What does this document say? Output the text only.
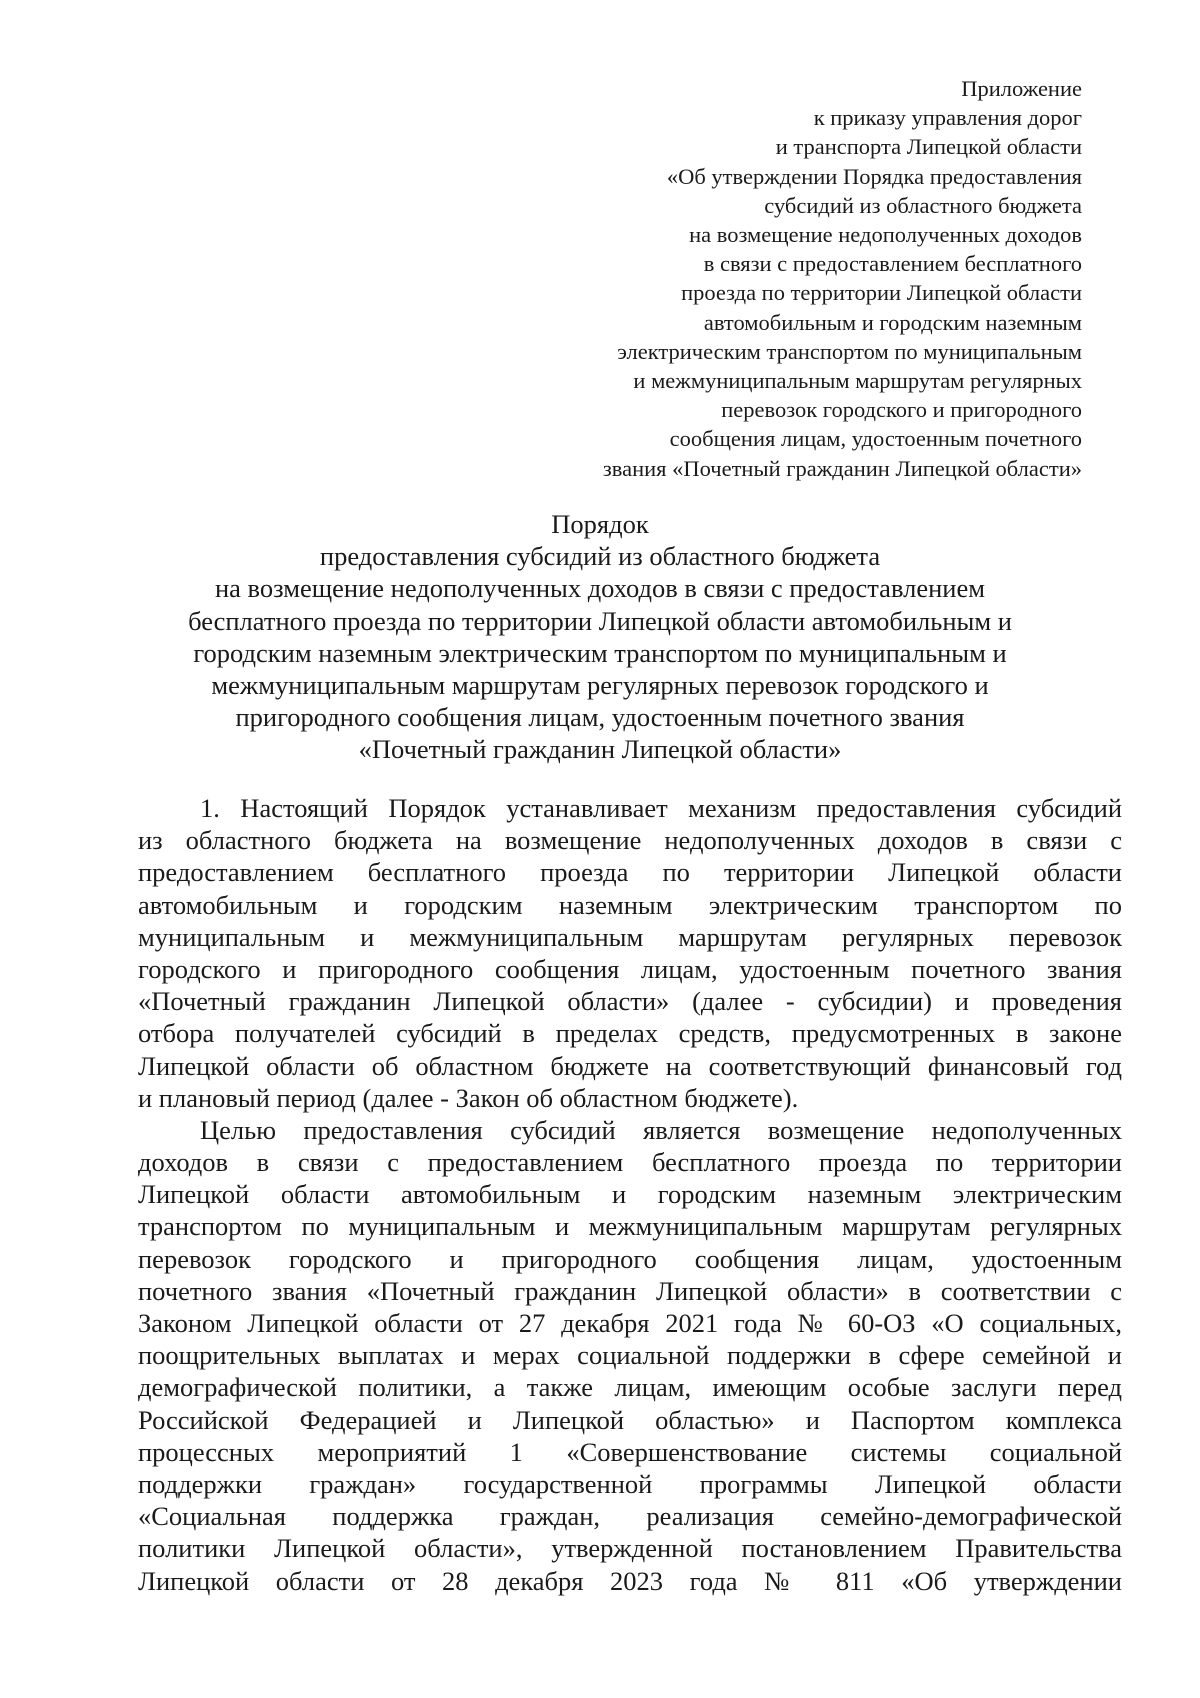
Приложение
к приказу управления дорог
и транспорта Липецкой области
«Об утверждении Порядка предоставления
субсидий из областного бюджета
на возмещение недополученных доходов
в связи с предоставлением бесплатного
проезда по территории Липецкой области
автомобильным и городским наземным
электрическим транспортом по муниципальным
и межмуниципальным маршрутам регулярных
перевозок городского и пригородного
сообщения лицам, удостоенным почетного
звания «Почетный гражданин Липецкой области»
Порядок
предоставления субсидий из областного бюджета
на возмещение недополученных доходов в связи с предоставлением
бесплатного проезда по территории Липецкой области автомобильным и
городским наземным электрическим транспортом по муниципальным и
межмуниципальным маршрутам регулярных перевозок городского и
пригородного сообщения лицам, удостоенным почетного звания
«Почетный гражданин Липецкой области»
1. Настоящий Порядок устанавливает механизм предоставления субсидий
из областного бюджета на возмещение недополученных доходов в связи с
предоставлением бесплатного проезда по территории Липецкой области
автомобильным и городским наземным электрическим транспортом по
муниципальным и межмуниципальным маршрутам регулярных перевозок
городского и пригородного сообщения лицам, удостоенным почетного звания
«Почетный гражданин Липецкой области» (далее - субсидии) и проведения
отбора получателей субсидий в пределах средств, предусмотренных в законе
Липецкой области об областном бюджете на соответствующий финансовый год
и плановый период (далее - Закон об областном бюджете).
Целью предоставления субсидий является возмещение недополученных
доходов в связи с предоставлением бесплатного проезда по территории
Липецкой области автомобильным и городским наземным электрическим
транспортом по муниципальным и межмуниципальным маршрутам регулярных
перевозок городского и пригородного сообщения лицам, удостоенным
почетного звания «Почетный гражданин Липецкой области» в соответствии с
Законом Липецкой области от 27 декабря 2021 года № 60-ОЗ «О социальных,
поощрительных выплатах и мерах социальной поддержки в сфере семейной и
демографической политики, а также лицам, имеющим особые заслуги перед
Российской Федерацией и Липецкой областью» и Паспортом комплекса
процессных мероприятий 1 «Совершенствование системы социальной
поддержки граждан» государственной программы Липецкой области
«Социальная поддержка граждан, реализация семейно-демографической
политики Липецкой области», утвержденной постановлением Правительства
Липецкой области от 28 декабря 2023 года № 811 «Об утверждении
